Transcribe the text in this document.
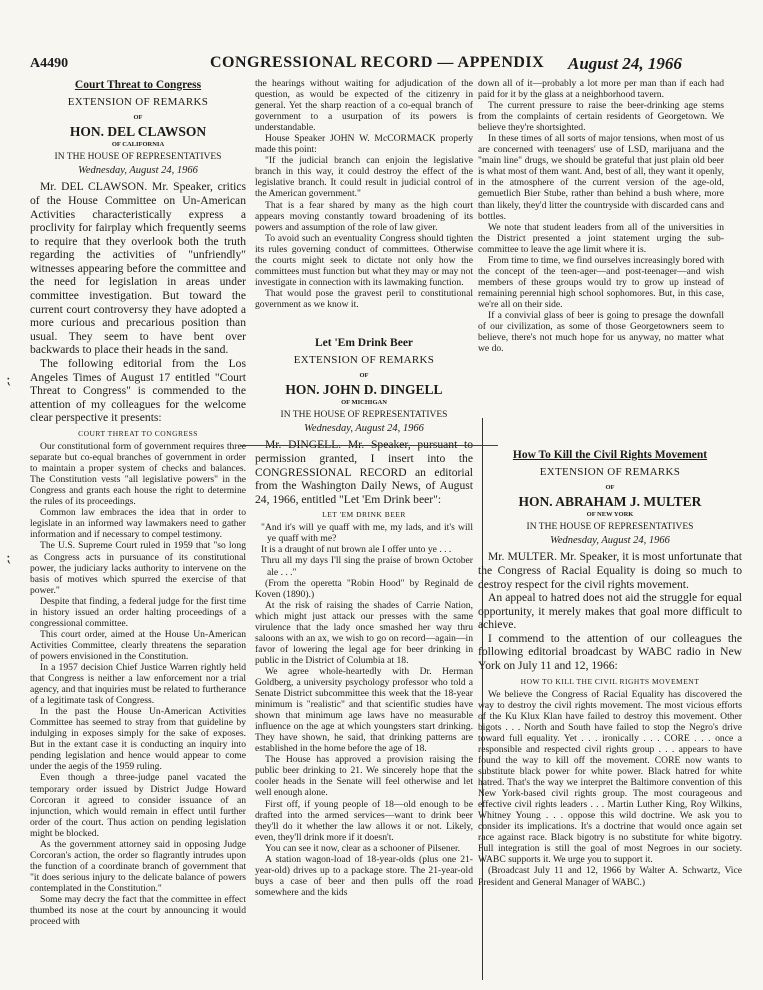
A4490	CONGRESSIONAL RECORD — APPENDIX August 24, 1966
⁏
⁏
Court Threat to Congress
EXTENSION OF REMARKS
OF
HON. DEL CLAWSON
OF CALIFORNIA
IN THE HOUSE OF REPRESENTATIVES
Wednesday, August 24, 1966

Mr. DEL CLAWSON. Mr. Speaker, critics of the House Committee on Un-American Activities characteristically express a proclivity for fairplay which frequently seems to require that they overlook both the truth regarding the activities of "unfriendly" witnesses appearing before the committee and the need for legislation in areas under committee investigation. But toward the current court controversy they have adopted a more curious and precarious position than usual. They seem to have bent over backwards to place their heads in the sand.

The following editorial from the Los Angeles Times of August 17 entitled "Court Threat to Congress" is commended to the attention of my colleagues for the welcome clear perspective it presents:

COURT THREAT TO CONGRESS

Our constitutional form of government requires three separate but co-equal branches of government in order to maintain a proper system of checks and balances. The Constitution vests "all legislative powers" in the Congress and grants each house the right to determine the rules of its proceedings.

Common law embraces the idea that in order to legislate in an informed way lawmakers need to gather information and if necessary to compel testimony.

The U.S. Supreme Court ruled in 1959 that "so long as Congress acts in pursuance of its constitutional power, the judiciary lacks authority to intervene on the basis of motives which spurred the exercise of that power."

Despite that finding, a federal judge for the first time in history issued an order halting proceedings of a congressional committee.

This court order, aimed at the House Un-American Activities Committee, clearly threatens the separation of powers envisioned in the Constitution.

In a 1957 decision Chief Justice Warren rightly held that Congress is neither a law enforcement nor a trial agency, and that inquiries must be related to furtherance of a legitimate task of Congress.

In the past the House Un-American Activities Committee has seemed to stray from that guideline by indulging in exposes simply for the sake of exposes. But in the extant case it is conducting an inquiry into pending legislation and hence would appear to come under the aegis of the 1959 ruling.

Even though a three-judge panel vacated the temporary order issued by District Judge Howard Corcoran it agreed to consider issuance of an injunction, which would remain in effect until further order of the court. Thus action on pending legislation might be blocked.

As the government attorney said in opposing Judge Corcoran's action, the order so flagrantly intrudes upon the function of a coordinate branch of government that "it does serious injury to the delicate balance of powers contemplated in the Constitution."

Some may decry the fact that the committee in effect thumbed its nose at the court by announcing it would proceed with

the hearings without waiting for adjudication of the question, as would be expected of the citizenry in general. Yet the sharp reaction of a co-equal branch of government to a usurpation of its powers is understandable.

House Speaker JOHN W. McCORMACK properly made this point:

"If the judicial branch can enjoin the legislative branch in this way, it could destroy the effect of the legislative branch. It could result in judicial control of the American government."

That is a fear shared by many as the high court appears moving constantly toward broadening of its powers and assumption of the role of law giver.

To avoid such an eventuality Congress should tighten its rules governing conduct of committees. Otherwise the courts might seek to dictate not only how the committees must function but what they may or may not investigate in connection with its lawmaking function.

That would pose the gravest peril to constitutional government as we know it.

Let 'Em Drink Beer
EXTENSION OF REMARKS
OF
HON. JOHN D. DINGELL
OF MICHIGAN
IN THE HOUSE OF REPRESENTATIVES
Wednesday, August 24, 1966

Mr. DINGELL. Mr. Speaker, pursuant to permission granted, I insert into the CONGRESSIONAL RECORD an editorial from the Washington Daily News, of August 24, 1966, entitled "Let 'Em Drink beer":

LET 'EM DRINK BEER

"And it's will ye quaff with me, my lads, and it's will ye quaff with me?

It is a draught of nut brown ale I offer unto ye . . .

Thru all my days I'll sing the praise of brown October ale . . ."

(From the operetta "Robin Hood" by Reginald de Koven (1890).)

At the risk of raising the shades of Carrie Nation, which might just attack our presses with the same virulence that the lady once smashed her way thru saloons with an ax, we wish to go on record—again—in favor of lowering the legal age for beer drinking in public in the District of Columbia at 18.

We agree whole-heartedly with Dr. Herman Goldberg, a university psychology professor who told a Senate District subcommittee this week that the 18-year minimum is "realistic" and that scientific studies have shown that minimum age laws have no measurable influence on the age at which youngsters start drinking. They have shown, he said, that drinking patterns are established in the home before the age of 18.

The House has approved a provision raising the public beer drinking to 21. We sincerely hope that the cooler heads in the Senate will feel otherwise and let well enough alone.

First off, if young people of 18—old enough to be drafted into the armed services—want to drink beer they'll do it whether the law allows it or not. Likely, even, they'll drink more if it doesn't.

You can see it now, clear as a schooner of Pilsener.

A station wagon-load of 18-year-olds (plus one 21-year-old) drives up to a package store. The 21-year-old buys a case of beer and then pulls off the road somewhere and the kids

down all of it—probably a lot more per man than if each had paid for it by the glass at a neighborhood tavern.

The current pressure to raise the beer-drinking age stems from the complaints of certain residents of Georgetown. We believe they're shortsighted.

In these times of all sorts of major tensions, when most of us are concerned with teenagers' use of LSD, marijuana and the "main line" drugs, we should be grateful that just plain old beer is what most of them want. And, best of all, they want it openly, in the atmosphere of the current version of the age-old, gemuetlich Bier Stube, rather than behind a bush where, more than likely, they'd litter the countryside with discarded cans and bottles.

We note that student leaders from all of the universities in the District presented a joint statement urging the sub-committee to leave the age limit where it is.

From time to time, we find ourselves increasingly bored with the concept of the teen-ager—and post-teenager—and wish members of these groups would try to grow up instead of remaining perennial high school sophomores. But, in this case, we're all on their side.

If a convivial glass of beer is going to presage the downfall of our civilization, as some of those Georgetowners seem to believe, there's not much hope for us anyway, no matter what we do.

How To Kill the Civil Rights Movement
EXTENSION OF REMARKS
OF
HON. ABRAHAM J. MULTER
OF NEW YORK
IN THE HOUSE OF REPRESENTATIVES
Wednesday, August 24, 1966

Mr. MULTER. Mr. Speaker, it is most unfortunate that the Congress of Racial Equality is doing so much to destroy respect for the civil rights movement.

An appeal to hatred does not aid the struggle for equal opportunity, it merely makes that goal more difficult to achieve.

I commend to the attention of our colleagues the following editorial broadcast by WABC radio in New York on July 11 and 12, 1966:

HOW TO KILL THE CIVIL RIGHTS MOVEMENT

We believe the Congress of Racial Equality has discovered the way to destroy the civil rights movement. The most vicious efforts of the Ku Klux Klan have failed to destroy this movement. Other bigots . . . North and South have failed to stop the Negro's drive toward full equality. Yet . . . ironically . . . CORE . . . once a responsible and respected civil rights group . . . appears to have found the way to kill off the movement. CORE now wants to substitute black power for white power. Black hatred for white hatred. That's the way we interpret the Baltimore convention of this New York-based civil rights group. The most courageous and effective civil rights leaders . . . Martin Luther King, Roy Wilkins, Whitney Young . . . oppose this wild doctrine. We ask you to consider its implications. It's a doctrine that would once again set race against race. Black bigotry is no substitute for white bigotry. Full integration is still the goal of most Negroes in our society. WABC supports it. We urge you to support it.

(Broadcast July 11 and 12, 1966 by Walter A. Schwartz, Vice President and General Manager of WABC.)
